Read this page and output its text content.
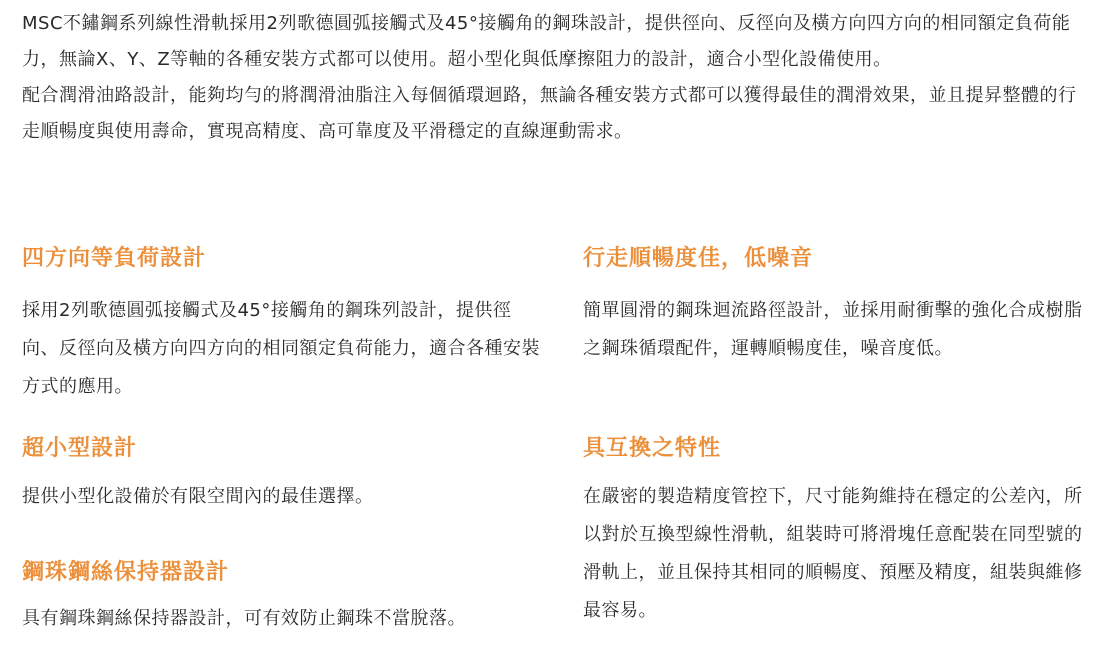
MSC不鏽鋼系列線性滑軌採用2列歌德圓弧接觸式及45°接觸角的鋼珠設計，提供徑向、反徑向及橫方向四方向的相同額定負荷能力，無論X、Y、Z等軸的各種安裝方式都可以使用。超小型化與低摩擦阻力的設計，適合小型化設備使用。

配合潤滑油路設計，能夠均勻的將潤滑油脂注入每個循環迴路，無論各種安裝方式都可以獲得最佳的潤滑效果，並且提昇整體的行走順暢度與使用壽命，實現高精度、高可靠度及平滑穩定的直線運動需求。

四方向等負荷設計

採用2列歌德圓弧接觸式及45°接觸角的鋼珠列設計，提供徑向、反徑向及橫方向四方向的相同額定負荷能力，適合各種安裝方式的應用。

超小型設計

提供小型化設備於有限空間內的最佳選擇。

鋼珠鋼絲保持器設計

具有鋼珠鋼絲保持器設計，可有效防止鋼珠不當脫落。

行走順暢度佳，低噪音

簡單圓滑的鋼珠迴流路徑設計，並採用耐衝擊的強化合成樹脂之鋼珠循環配件，運轉順暢度佳，噪音度低。

具互換之特性

在嚴密的製造精度管控下，尺寸能夠維持在穩定的公差內，所以對於互換型線性滑軌，組裝時可將滑塊任意配裝在同型號的滑軌上，並且保持其相同的順暢度、預壓及精度，組裝與維修最容易。
